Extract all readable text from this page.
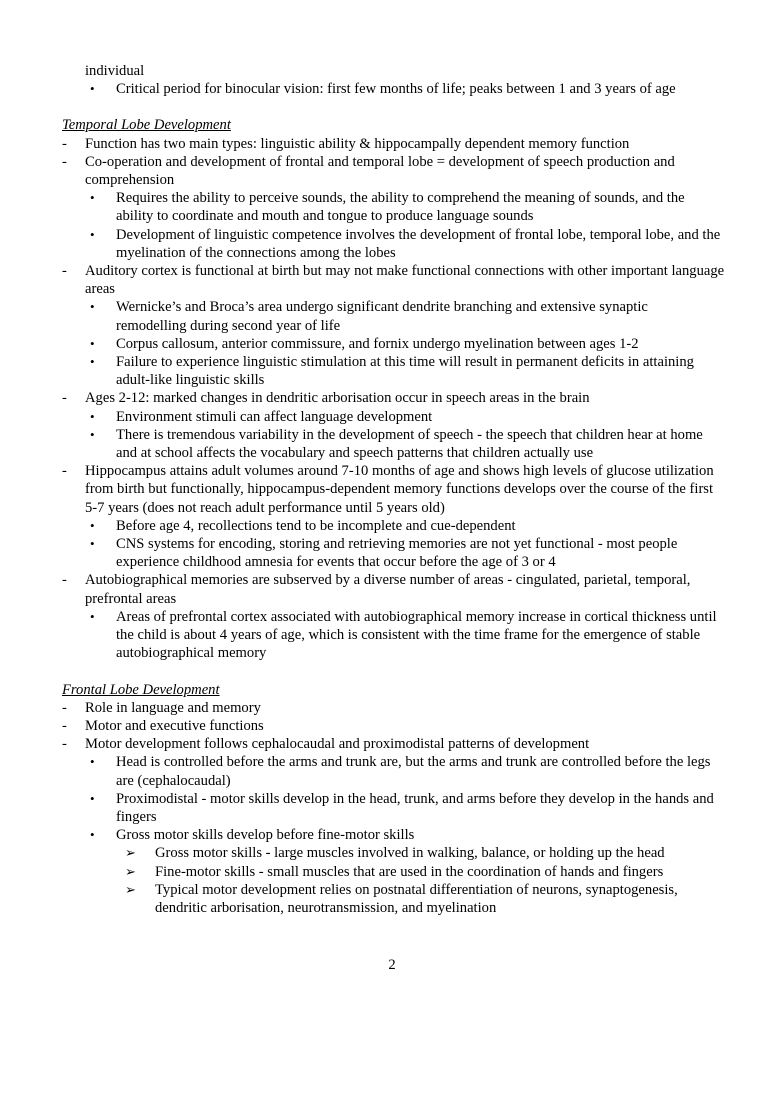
individual
• Critical period for binocular vision: first few months of life; peaks between 1 and 3 years of age
Temporal Lobe Development
- Function has two main types: linguistic ability & hippocampally dependent memory function
- Co-operation and development of frontal and temporal lobe = development of speech production and comprehension
• Requires the ability to perceive sounds, the ability to comprehend the meaning of sounds, and the ability to coordinate and mouth and tongue to produce language sounds
• Development of linguistic competence involves the development of frontal lobe, temporal lobe, and the myelination of the connections among the lobes
- Auditory cortex is functional at birth but may not make functional connections with other important language areas
• Wernicke’s and Broca’s area undergo significant dendrite branching and extensive synaptic remodelling during second year of life
• Corpus callosum, anterior commissure, and fornix undergo myelination between ages 1-2
• Failure to experience linguistic stimulation at this time will result in permanent deficits in attaining adult-like linguistic skills
- Ages 2-12: marked changes in dendritic arborisation occur in speech areas in the brain
• Environment stimuli can affect language development
• There is tremendous variability in the development of speech - the speech that children hear at home and at school affects the vocabulary and speech patterns that children actually use
- Hippocampus attains adult volumes around 7-10 months of age and shows high levels of glucose utilization from birth but functionally, hippocampus-dependent memory functions develops over the course of the first 5-7 years (does not reach adult performance until 5 years old)
• Before age 4, recollections tend to be incomplete and cue-dependent
• CNS systems for encoding, storing and retrieving memories are not yet functional - most people experience childhood amnesia for events that occur before the age of 3 or 4
- Autobiographical memories are subserved by a diverse number of areas - cingulated, parietal, temporal, prefrontal areas
• Areas of prefrontal cortex associated with autobiographical memory increase in cortical thickness until the child is about 4 years of age, which is consistent with the time frame for the emergence of stable autobiographical memory
Frontal Lobe Development
- Role in language and memory
- Motor and executive functions
- Motor development follows cephalocaudal and proximodistal patterns of development
• Head is controlled before the arms and trunk are, but the arms and trunk are controlled before the legs are (cephalocaudal)
• Proximodistal - motor skills develop in the head, trunk, and arms before they develop in the hands and fingers
• Gross motor skills develop before fine-motor skills
➢ Gross motor skills - large muscles involved in walking, balance, or holding up the head
➢ Fine-motor skills - small muscles that are used in the coordination of hands and fingers
➢ Typical motor development relies on postnatal differentiation of neurons, synaptogenesis, dendritic arborisation, neurotransmission, and myelination
2
